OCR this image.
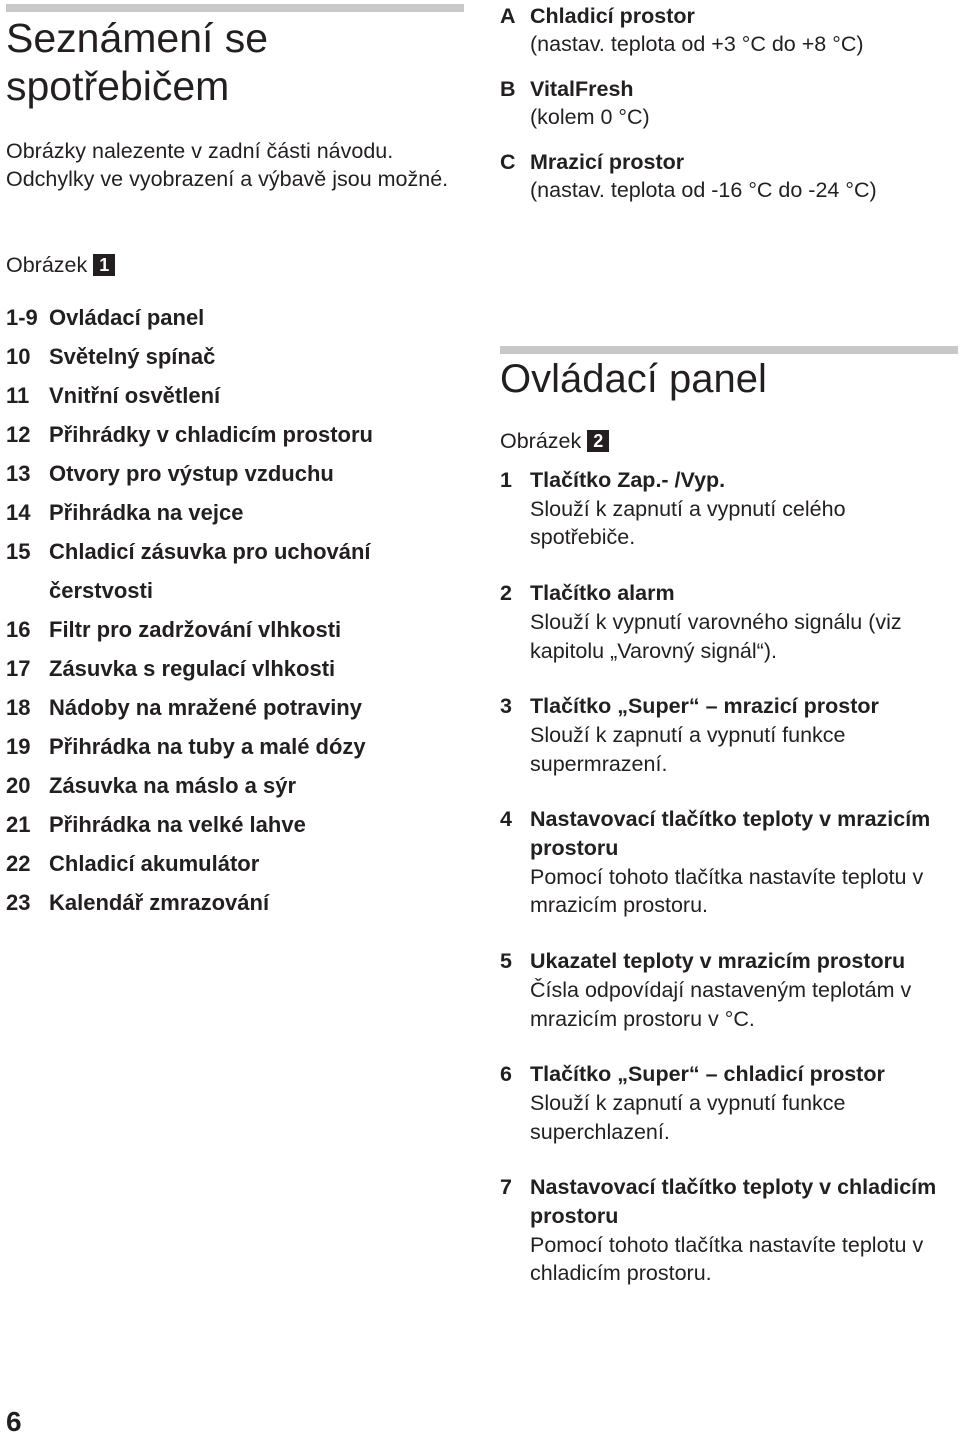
Seznámení se spotřebičem
Obrázky nalezente v zadní části návodu. Odchylky ve vyobrazení a výbavě jsou možné.
Obrázek 1
1-9 Ovládací panel
10 Světelný spínač
11 Vnitřní osvětlení
12 Přihrádky v chladicím prostoru
13 Otvory pro výstup vzduchu
14 Přihrádka na vejce
15 Chladicí zásuvka pro uchování
čerstvosti
16 Filtr pro zadržování vlhkosti
17 Zásuvka s regulací vlhkosti
18 Nádoby na mražené potraviny
19 Přihrádka na tuby a malé dózy
20 Zásuvka na máslo a sýr
21 Přihrádka na velké lahve
22 Chladicí akumulátor
23 Kalendář zmrazování
A Chladicí prostor
(nastav. teplota od +3 °C do +8 °C)
B VitalFresh
(kolem 0 °C)
C Mrazicí prostor
(nastav. teplota od -16 °C do -24 °C)
Ovládací panel
Obrázek 2
1 Tlačítko Zap.- /Vyp.
Slouží k zapnutí a vypnutí celého spotřebiče.
2 Tlačítko alarm
Slouží k vypnutí varovného signálu (viz kapitolu „Varovný signál“).
3 Tlačítko „Super“ – mrazicí prostor
Slouží k zapnutí a vypnutí funkce supermrazení.
4 Nastavovací tlačítko teploty v mrazicím prostoru
Pomocí tohoto tlačítka nastavíte teplotu v mrazicím prostoru.
5 Ukazatel teploty v mrazicím prostoru
Čísla odpovídají nastaveným teplotám v mrazicím prostoru v °C.
6 Tlačítko „Super“ – chladicí prostor
Slouží k zapnutí a vypnutí funkce superchlazení.
7 Nastavovací tlačítko teploty v chladicím prostoru
Pomocí tohoto tlačítka nastavíte teplotu v chladicím prostoru.
6
